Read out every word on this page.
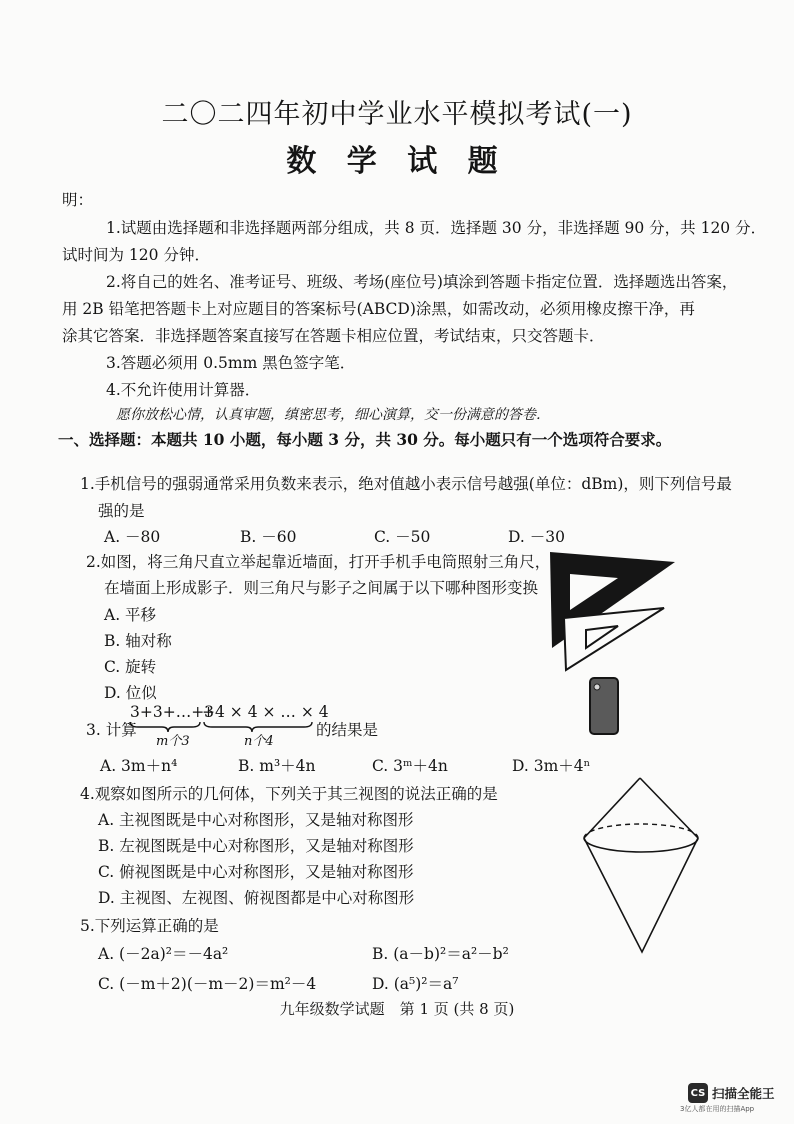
二〇二四年初中学业水平模拟考试(一)
数 学 试 题
明：
1.试题由选择题和非选择题两部分组成，共 8 页．选择题 30 分，非选择题 90 分，共 120 分．
试时间为 120 分钟．
2.将自己的姓名、准考证号、班级、考场(座位号)填涂到答题卡指定位置．选择题选出答案，
用 2B 铅笔把答题卡上对应题目的答案标号(ABCD)涂黑，如需改动，必须用橡皮擦干净，再
涂其它答案．非选择题答案直接写在答题卡相应位置，考试结束，只交答题卡．
3.答题必须用 0.5mm 黑色签字笔．
4.不允许使用计算器．
愿你放松心情，认真审题，缜密思考，细心演算，交一份满意的答卷．
一、选择题：本题共 10 小题，每小题 3 分，共 30 分。每小题只有一个选项符合要求。
1.手机信号的强弱通常采用负数来表示，绝对值越小表示信号越强(单位：dBm)，则下列信号最
强的是
A. －80	B. －60	C. －50	D. －30
2.如图，将三角尺直立举起靠近墙面，打开手机手电筒照射三角尺，
在墙面上形成影子．则三角尺与影子之间属于以下哪种图形变换
A. 平移
B. 轴对称
C. 旋转
D. 位似
3. 计算
3+3+…+3
m个3
+4 × 4 × … × 4
n个4
的结果是
A. 3m＋n⁴	B. m³＋4n	C. 3ᵐ＋4n	D. 3m＋4ⁿ
4.观察如图所示的几何体，下列关于其三视图的说法正确的是
A. 主视图既是中心对称图形，又是轴对称图形
B. 左视图既是中心对称图形，又是轴对称图形
C. 俯视图既是中心对称图形，又是轴对称图形
D. 主视图、左视图、俯视图都是中心对称图形
5.下列运算正确的是
A. (－2a)²＝－4a²	B. (a－b)²＝a²－b²
C. (－m＋2)(－m－2)＝m²－4	D. (a⁵)²＝a⁷
九年级数学试题　第 1 页 (共 8 页)
CS 扫描全能王
3亿人都在用的扫描App
